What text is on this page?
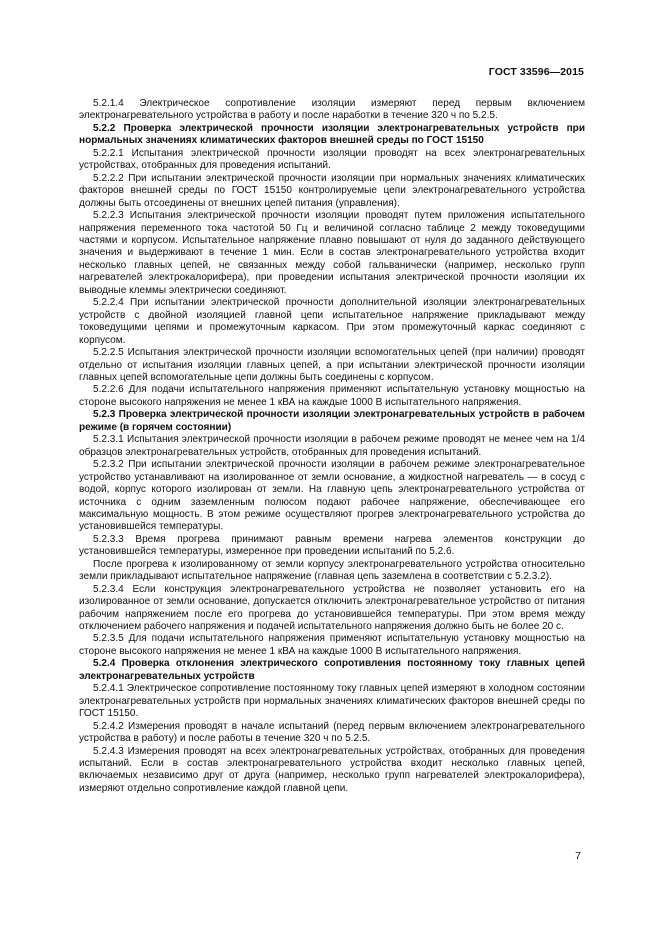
ГОСТ 33596—2015

5.2.1.4 Электрическое сопротивление изоляции измеряют перед первым включением электронагревательного устройства в работу и после наработки в течение 320 ч по 5.2.5.

5.2.2 Проверка электрической прочности изоляции электронагревательных устройств при нормальных значениях климатических факторов внешней среды по ГОСТ 15150

5.2.2.1 Испытания электрической прочности изоляции проводят на всех электронагревательных устройствах, отобранных для проведения испытаний.

5.2.2.2 При испытании электрической прочности изоляции при нормальных значениях климатических факторов внешней среды по ГОСТ 15150 контролируемые цепи электронагревательного устройства должны быть отсоединены от внешних цепей питания (управления).

5.2.2.3 Испытания электрической прочности изоляции проводят путем приложения испытательного напряжения переменного тока частотой 50 Гц и величиной согласно таблице 2 между токоведущими частями и корпусом. Испытательное напряжение плавно повышают от нуля до заданного действующего значения и выдерживают в течение 1 мин. Если в состав электронагревательного устройства входит несколько главных цепей, не связанных между собой гальванически (например, несколько групп нагревателей электрокалорифера), при проведении испытания электрической прочности изоляции их выводные клеммы электрически соединяют.

5.2.2.4 При испытании электрической прочности дополнительной изоляции электронагревательных устройств с двойной изоляцией главной цепи испытательное напряжение прикладывают между токоведущими цепями и промежуточным каркасом. При этом промежуточный каркас соединяют с корпусом.

5.2.2.5 Испытания электрической прочности изоляции вспомогательных цепей (при наличии) проводят отдельно от испытания изоляции главных цепей, а при испытании электрической прочности изоляции главных цепей вспомогательные цепи должны быть соединены с корпусом.

5.2.2.6 Для подачи испытательного напряжения применяют испытательную установку мощностью на стороне высокого напряжения не менее 1 кВА на каждые 1000 В испытательного напряжения.

5.2.3 Проверка электрической прочности изоляции электронагревательных устройств в рабочем режиме (в горячем состоянии)

5.2.3.1 Испытания электрической прочности изоляции в рабочем режиме проводят не менее чем на 1/4 образцов электронагревательных устройств, отобранных для проведения испытаний.

5.2.3.2 При испытании электрической прочности изоляции в рабочем режиме электронагревательное устройство устанавливают на изолированное от земли основание, а жидкостной нагреватель — в сосуд с водой, корпус которого изолирован от земли. На главную цепь электронагревательного устройства от источника с одним заземленным полюсом подают рабочее напряжение, обеспечивающее его максимальную мощность. В этом режиме осуществляют прогрев электронагревательного устройства до установившейся температуры.

5.2.3.3 Время прогрева принимают равным времени нагрева элементов конструкции до установившейся температуры, измеренное при проведении испытаний по 5.2.6.

После прогрева к изолированному от земли корпусу электронагревательного устройства относительно земли прикладывают испытательное напряжение (главная цепь заземлена в соответствии с 5.2.3.2).

5.2.3.4 Если конструкция электронагревательного устройства не позволяет установить его на изолированное от земли основание, допускается отключить электронагревательное устройство от питания рабочим напряжением после его прогрева до установившейся температуры. При этом время между отключением рабочего напряжения и подачей испытательного напряжения должно быть не более 20 с.

5.2.3.5 Для подачи испытательного напряжения применяют испытательную установку мощностью на стороне высокого напряжения не менее 1 кВА на каждые 1000 В испытательного напряжения.

5.2.4 Проверка отклонения электрического сопротивления постоянному току главных цепей электронагревательных устройств

5.2.4.1 Электрическое сопротивление постоянному току главных цепей измеряют в холодном состоянии электронагревательных устройств при нормальных значениях климатических факторов внешней среды по ГОСТ 15150.

5.2.4.2 Измерения проводят в начале испытаний (перед первым включением электронагревательного устройства в работу) и после работы в течение 320 ч по 5.2.5.

5.2.4.3 Измерения проводят на всех электронагревательных устройствах, отобранных для проведения испытаний. Если в состав электронагревательного устройства входит несколько главных цепей, включаемых независимо друг от друга (например, несколько групп нагревателей электрокалорифера), измеряют отдельно сопротивление каждой главной цепи.

7
